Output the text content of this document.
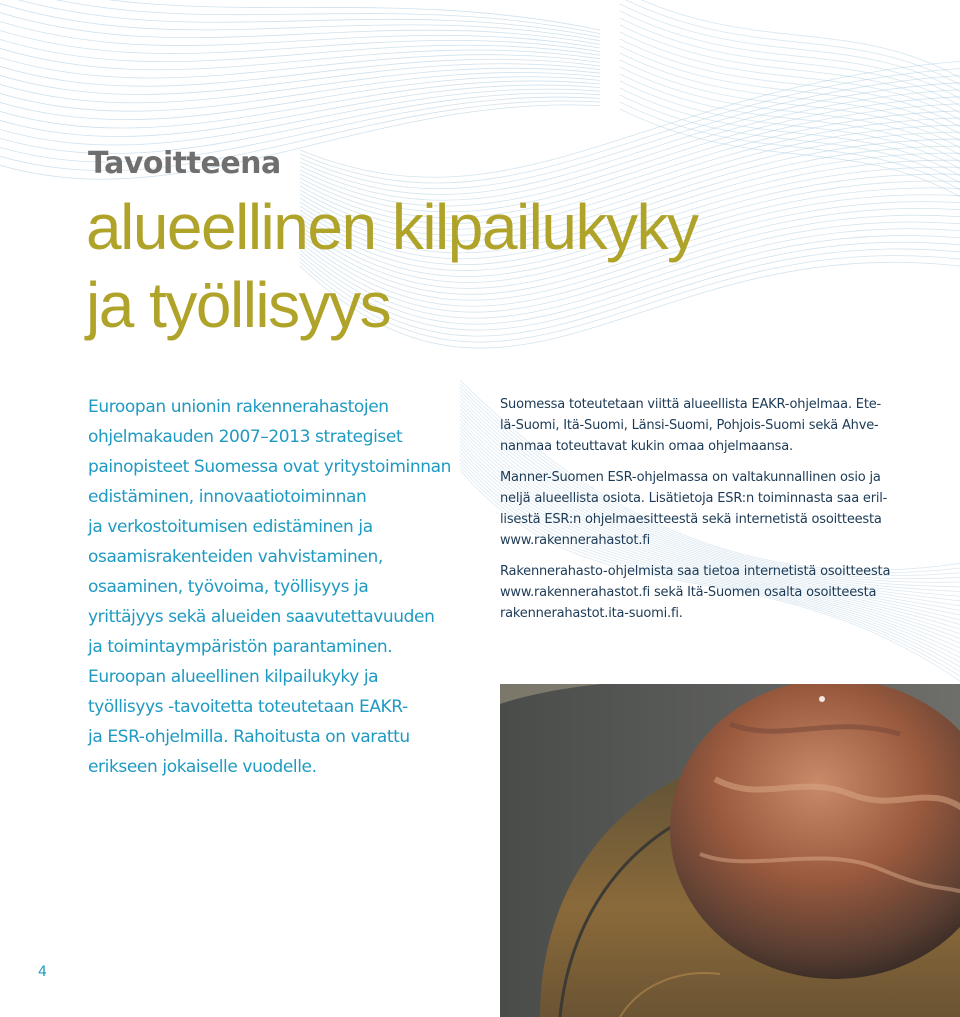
Tavoitteena
alueellinen kilpailukyky
ja työllisyys

Euroopan unionin rakennerahastojen
ohjelmakauden 2007–2013 strategiset
painopisteet Suomessa ovat yritystoiminnan
edistäminen, innovaatiotoiminnan
ja verkostoitumisen edistäminen ja
osaamisrakenteiden vahvistaminen,
osaaminen, työvoima, työllisyys ja
yrittäjyys sekä alueiden saavutettavuuden
ja toimintaympäristön parantaminen.
Euroopan alueellinen kilpailukyky ja
työllisyys -tavoitetta toteutetaan EAKR-
ja ESR-ohjelmilla. Rahoitusta on varattu
erikseen jokaiselle vuodelle.

Suomessa toteutetaan viittä alueellista EAKR-ohjelmaa. Ete-
lä-Suomi, Itä-Suomi, Länsi-Suomi, Pohjois-Suomi sekä Ahve-
nanmaa toteuttavat kukin omaa ohjelmaansa.

Manner-Suomen ESR-ohjelmassa on valtakunnallinen osio ja
neljä alueellista osiota. Lisätietoja ESR:n toiminnasta saa eril-
lisestä ESR:n ohjelmaesitteestä sekä internetistä osoitteesta
www.rakennerahastot.fi

Rakennerahasto-ohjelmista saa tietoa internetistä osoitteesta
www.rakennerahastot.fi sekä Itä-Suomen osalta osoitteesta
rakennerahastot.ita-suomi.fi.

4
